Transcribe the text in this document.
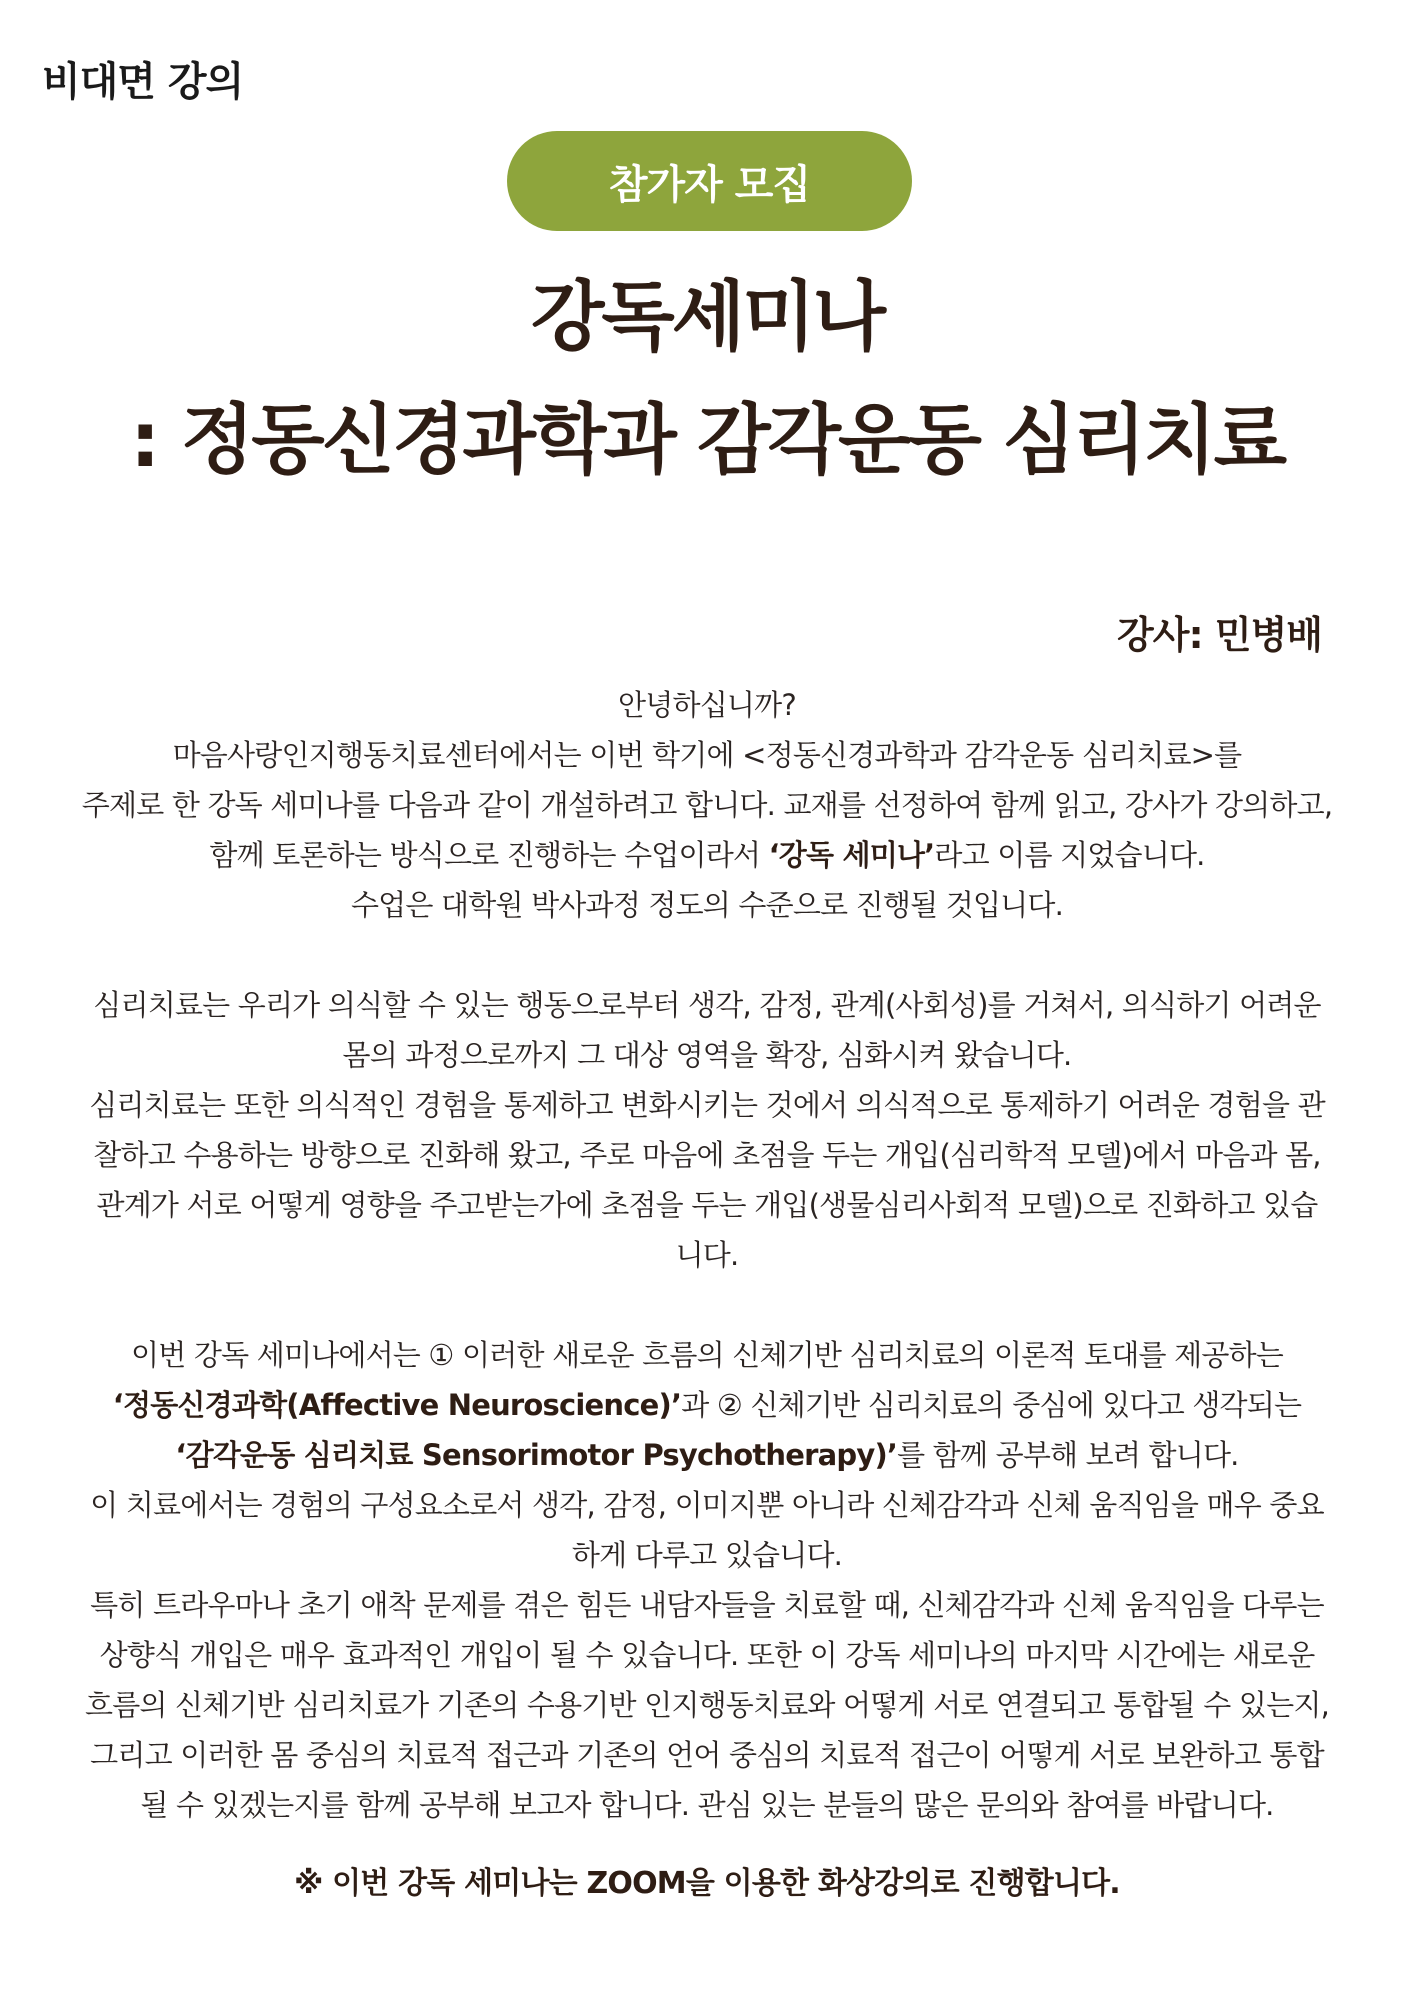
비대면 강의
참가자 모집
강독세미나
: 정동신경과학과 감각운동 심리치료
강사: 민병배

안녕하십니까?

마음사랑인지행동치료센터에서는 이번 학기에 <정동신경과학과 감각운동 심리치료>를

주제로 한 강독 세미나를 다음과 같이 개설하려고 합니다. 교재를 선정하여 함께 읽고, 강사가 강의하고,

함께 토론하는 방식으로 진행하는 수업이라서 ‘강독 세미나’라고 이름 지었습니다.

수업은 대학원 박사과정 정도의 수준으로 진행될 것입니다.

심리치료는 우리가 의식할 수 있는 행동으로부터 생각, 감정, 관계(사회성)를 거쳐서, 의식하기 어려운

몸의 과정으로까지 그 대상 영역을 확장, 심화시켜 왔습니다.

심리치료는 또한 의식적인 경험을 통제하고 변화시키는 것에서 의식적으로 통제하기 어려운 경험을 관

찰하고 수용하는 방향으로 진화해 왔고, 주로 마음에 초점을 두는 개입(심리학적 모델)에서 마음과 몸,

관계가 서로 어떻게 영향을 주고받는가에 초점을 두는 개입(생물심리사회적 모델)으로 진화하고 있습

니다.

이번 강독 세미나에서는 ① 이러한 새로운 흐름의 신체기반 심리치료의 이론적 토대를 제공하는

‘정동신경과학(Affective Neuroscience)’과 ② 신체기반 심리치료의 중심에 있다고 생각되는

‘감각운동 심리치료 Sensorimotor Psychotherapy)’를 함께 공부해 보려 합니다.

이 치료에서는 경험의 구성요소로서 생각, 감정, 이미지뿐 아니라 신체감각과 신체 움직임을 매우 중요

하게 다루고 있습니다.

특히 트라우마나 초기 애착 문제를 겪은 힘든 내담자들을 치료할 때, 신체감각과 신체 움직임을 다루는

상향식 개입은 매우 효과적인 개입이 될 수 있습니다. 또한 이 강독 세미나의 마지막 시간에는 새로운

흐름의 신체기반 심리치료가 기존의 수용기반 인지행동치료와 어떻게 서로 연결되고 통합될 수 있는지,

그리고 이러한 몸 중심의 치료적 접근과 기존의 언어 중심의 치료적 접근이 어떻게 서로 보완하고 통합

될 수 있겠는지를 함께 공부해 보고자 합니다. 관심 있는 분들의 많은 문의와 참여를 바랍니다.

※ 이번 강독 세미나는 ZOOM을 이용한 화상강의로 진행합니다.
